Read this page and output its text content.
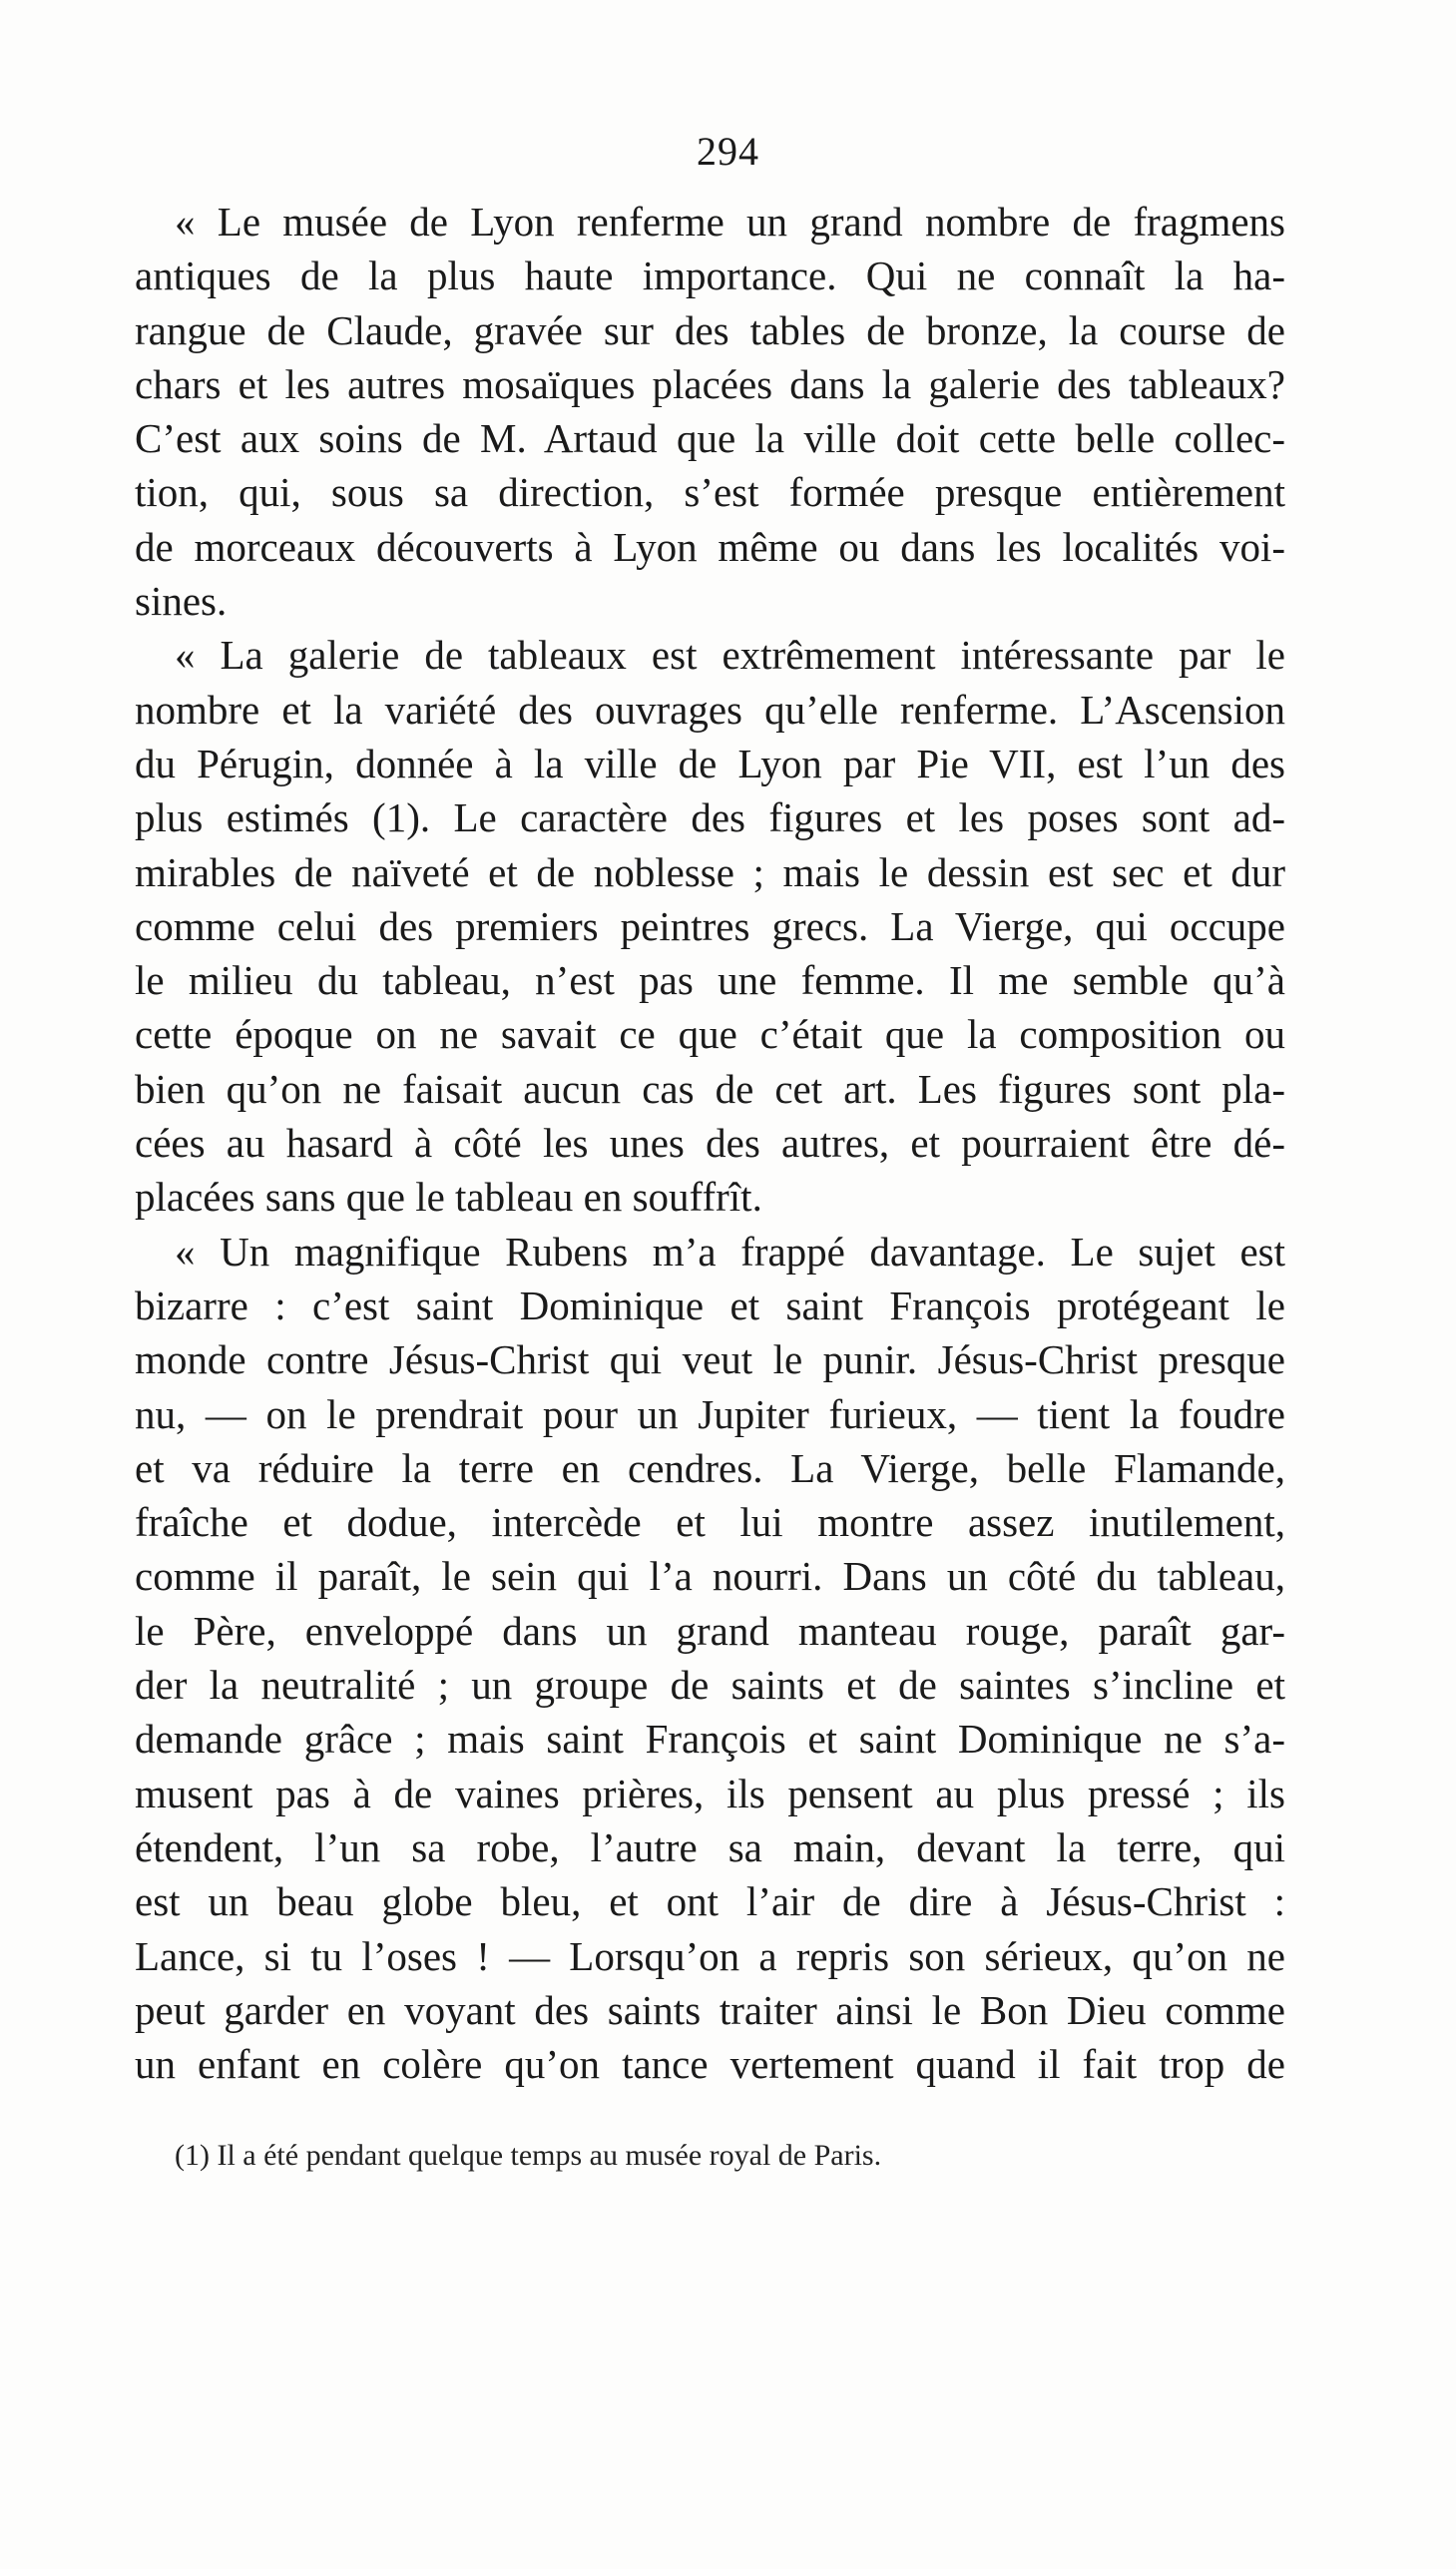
294
« Le musée de Lyon renferme un grand nombre de fragmens
antiques de la plus haute importance. Qui ne connaît la ha-
rangue de Claude, gravée sur des tables de bronze, la course de
chars et les autres mosaïques placées dans la galerie des tableaux?
C’est aux soins de M. Artaud que la ville doit cette belle collec-
tion, qui, sous sa direction, s’est formée presque entièrement
de morceaux découverts à Lyon même ou dans les localités voi-
sines.
« La galerie de tableaux est extrêmement intéressante par le
nombre et la variété des ouvrages qu’elle renferme. L’Ascension
du Pérugin, donnée à la ville de Lyon par Pie VII, est l’un des
plus estimés (1). Le caractère des figures et les poses sont ad-
mirables de naïveté et de noblesse ; mais le dessin est sec et dur
comme celui des premiers peintres grecs. La Vierge, qui occupe
le milieu du tableau, n’est pas une femme. Il me semble qu’à
cette époque on ne savait ce que c’était que la composition ou
bien qu’on ne faisait aucun cas de cet art. Les figures sont pla-
cées au hasard à côté les unes des autres, et pourraient être dé-
placées sans que le tableau en souffrît.
« Un magnifique Rubens m’a frappé davantage. Le sujet est
bizarre : c’est saint Dominique et saint François protégeant le
monde contre Jésus-Christ qui veut le punir. Jésus-Christ presque
nu, — on le prendrait pour un Jupiter furieux, — tient la foudre
et va réduire la terre en cendres. La Vierge, belle Flamande,
fraîche et dodue, intercède et lui montre assez inutilement,
comme il paraît, le sein qui l’a nourri. Dans un côté du tableau,
le Père, enveloppé dans un grand manteau rouge, paraît gar-
der la neutralité ; un groupe de saints et de saintes s’incline et
demande grâce ; mais saint François et saint Dominique ne s’a-
musent pas à de vaines prières, ils pensent au plus pressé ; ils
étendent, l’un sa robe, l’autre sa main, devant la terre, qui
est un beau globe bleu, et ont l’air de dire à Jésus-Christ :
Lance, si tu l’oses ! — Lorsqu’on a repris son sérieux, qu’on ne
peut garder en voyant des saints traiter ainsi le Bon Dieu comme
un enfant en colère qu’on tance vertement quand il fait trop de
(1) Il a été pendant quelque temps au musée royal de Paris.
